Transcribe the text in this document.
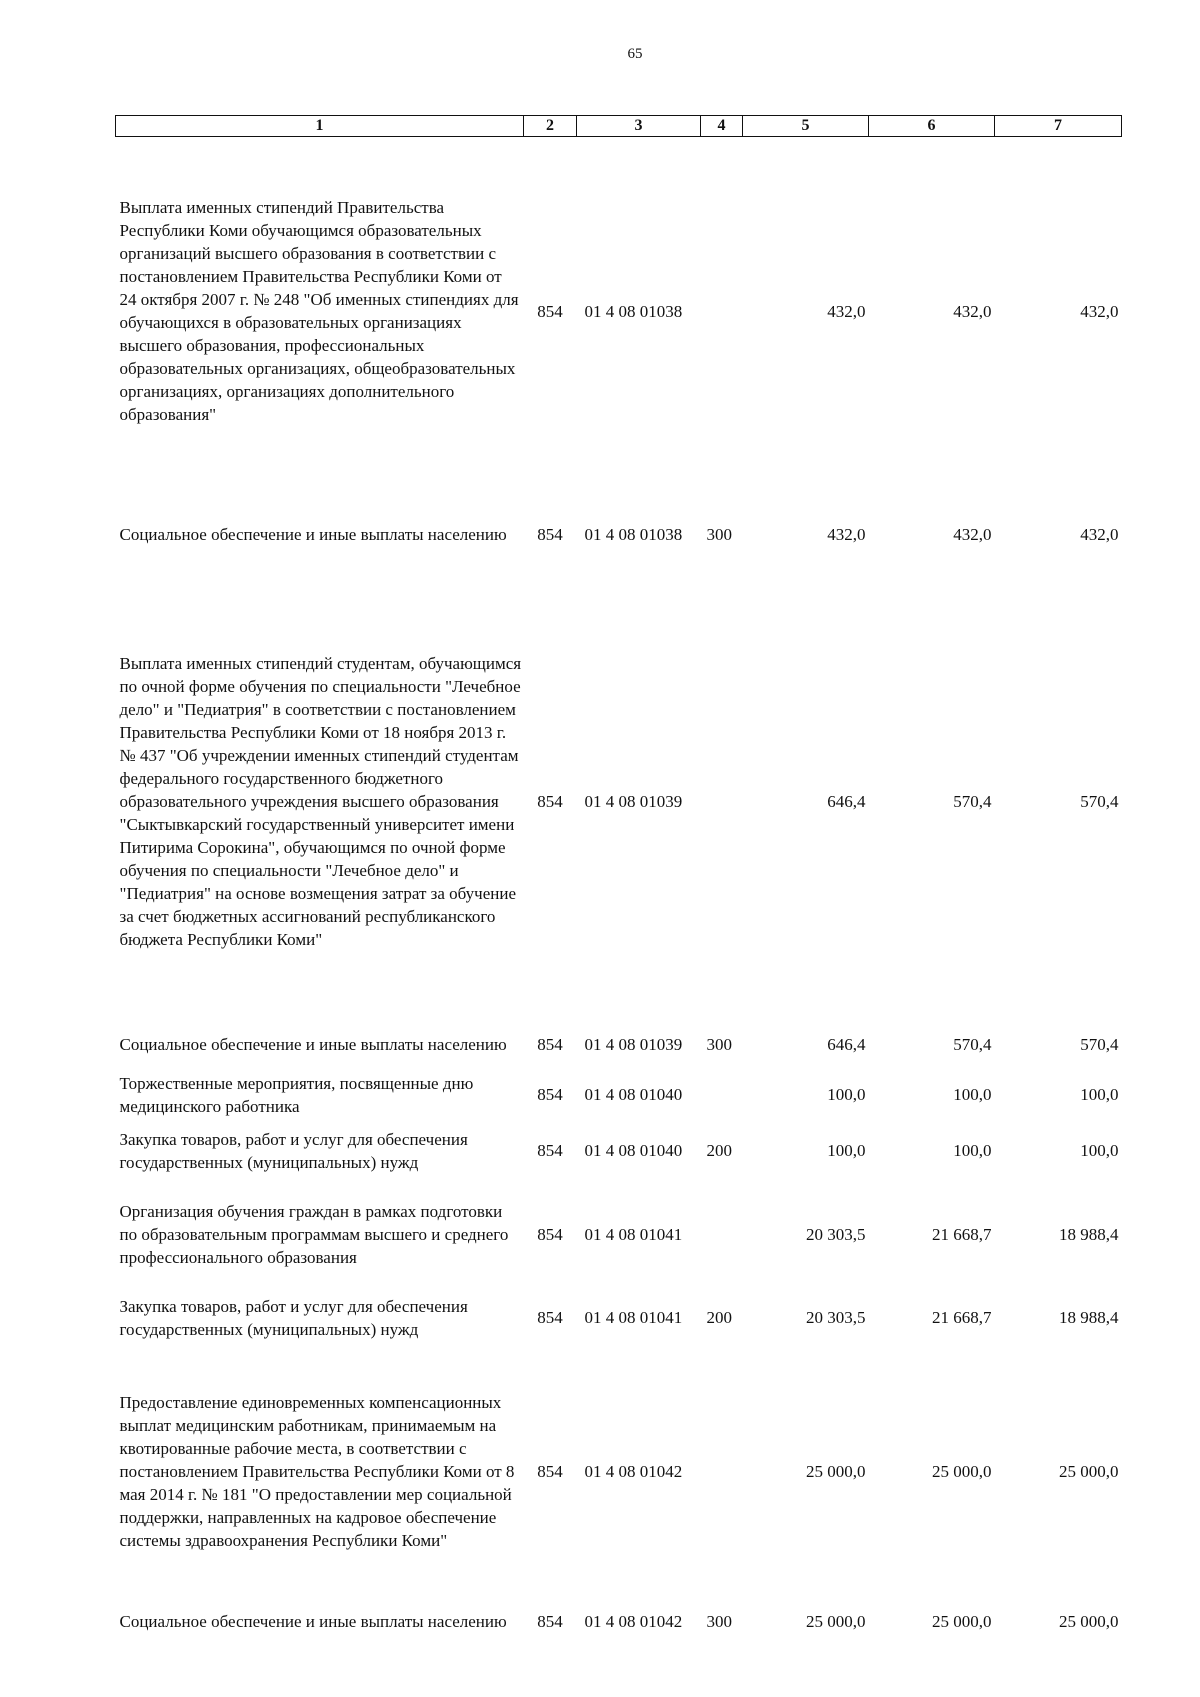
65
1	2	3	4	5	6	7
Выплата именных стипендий Правительства Республики Коми обучающимся образовательных организаций высшего образования в соответствии с постановлением Правительства Республики Коми от 24 октября 2007 г. № 248 "Об именных стипендиях для обучающихся в образовательных организациях высшего образования, профессиональных образовательных организациях, общеобразовательных организациях, организациях дополнительного образования"	854	01 4 08 01038		432,0	432,0	432,0
Социальное обеспечение и иные выплаты населению	854	01 4 08 01038	300	432,0	432,0	432,0
Выплата именных стипендий студентам, обучающимся по очной форме обучения по специальности "Лечебное дело" и "Педиатрия" в соответствии с постановлением Правительства Республики Коми от 18 ноября 2013 г. № 437 "Об учреждении именных стипендий студентам федерального государственного бюджетного образовательного учреждения высшего образования "Сыктывкарский государственный университет имени Питирима Сорокина", обучающимся по очной форме обучения по специальности "Лечебное дело" и "Педиатрия" на основе возмещения затрат за обучение за счет бюджетных ассигнований республиканского бюджета Республики Коми"	854	01 4 08 01039		646,4	570,4	570,4
Социальное обеспечение и иные выплаты населению	854	01 4 08 01039	300	646,4	570,4	570,4
Торжественные мероприятия, посвященные дню медицинского работника	854	01 4 08 01040		100,0	100,0	100,0
Закупка товаров, работ и услуг для обеспечения государственных (муниципальных) нужд	854	01 4 08 01040	200	100,0	100,0	100,0
Организация обучения граждан в рамках подготовки по образовательным программам высшего и среднего профессионального образования	854	01 4 08 01041		20 303,5	21 668,7	18 988,4
Закупка товаров, работ и услуг для обеспечения государственных (муниципальных) нужд	854	01 4 08 01041	200	20 303,5	21 668,7	18 988,4
Предоставление единовременных компенсационных выплат медицинским работникам, принимаемым на квотированные рабочие места, в соответствии с постановлением Правительства Республики Коми от 8 мая 2014 г. № 181 "О предоставлении мер социальной поддержки, направленных на кадровое обеспечение системы здравоохранения Республики Коми"	854	01 4 08 01042		25 000,0	25 000,0	25 000,0
Социальное обеспечение и иные выплаты населению	854	01 4 08 01042	300	25 000,0	25 000,0	25 000,0
